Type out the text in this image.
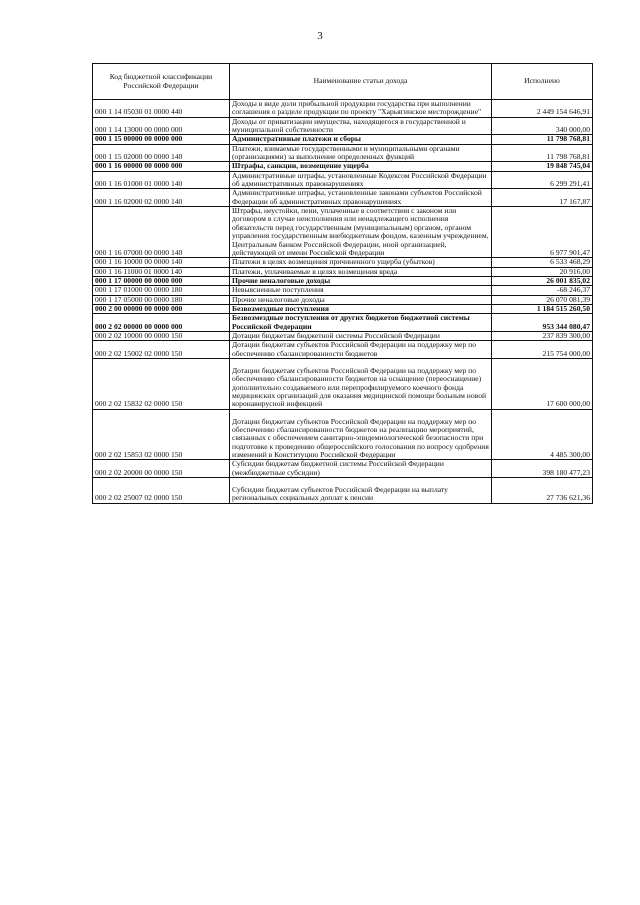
3
Код бюджетной классификации Российской Федерации	Наименование статьи дохода	Исполнено
000 1 14 05030 01 0000 440	Доходы в виде доли прибыльной продукции государства при выполнении соглашения о разделе продукции по проекту "Харьягинское месторождение"	2 449 154 646,91
000 1 14 13000 00 0000 000	Доходы от приватизации имущества, находящегося в государственной и муниципальной собственности	340 000,00
000 1 15 00000 00 0000 000	Административные платежи и сборы	11 798 768,81
000 1 15 02000 00 0000 140	Платежи, взимаемые государственными и муниципальными органами (организациями) за выполнение определенных функций	11 798 768,81
000 1 16 00000 00 0000 000	Штрафы, санкции, возмещение ущерба	19 848 745,04
000 1 16 01000 01 0000 140	Административные штрафы, установленные Кодексом Российской Федерации об административных правонарушениях	6 299 291,41
000 1 16 02000 02 0000 140	Административные штрафы, установленные законами субъектов Российской Федерации об административных правонарушениях	17 167,87
000 1 16 07000 00 0000 140	Штрафы, неустойки, пени, уплаченные в соответствии с законом или договором в случае неисполнения или ненадлежащего исполнения обязательств перед государственным (муниципальным) органом, органом управления государственным внебюджетным фондом, казенным учреждением, Центральным банком Российской Федерации, иной организацией, действующей от имени Российской Федерации	6 977 901,47
000 1 16 10000 00 0000 140	Платежи в целях возмещения причиненного ущерба (убытков)	6 533 468,29
000 1 16 11000 01 0000 140	Платежи, уплачиваемые в целях возмещения вреда	20 916,00
000 1 17 00000 00 0000 000	Прочие неналоговые доходы	26 001 835,02
000 1 17 01000 00 0000 180	Невыясненные поступления	-68 246,37
000 1 17 05000 00 0000 180	Прочие неналоговые доходы	26 070 081,39
000 2 00 00000 00 0000 000	Безвозмездные поступления	1 184 515 260,50
000 2 02 00000 00 0000 000	Безвозмездные поступления от других бюджетов бюджетной системы Российской Федерации	953 344 080,47
000 2 02 10000 00 0000 150	Дотации бюджетам бюджетной системы Российской Федерации	237 839 300,00
000 2 02 15002 02 0000 150	Дотации бюджетам субъектов Российской Федерации на поддержку мер по обеспечению сбалансированности бюджетов	215 754 000,00
000 2 02 15832 02 0000 150	Дотации бюджетам субъектов Российской Федерации на поддержку мер по обеспечению сбалансированности бюджетов на оснащение (переоснащение) дополнительно создаваемого или перепрофилируемого коечного фонда медицинских организаций для оказания медицинской помощи больным новой коронавирусной инфекцией	17 600 000,00
000 2 02 15853 02 0000 150	Дотации бюджетам субъектов Российской Федерации на поддержку мер по обеспечению сбалансированности бюджетов на реализацию мероприятий, связанных с обеспечением санитарно-эпидемиологической безопасности при подготовке к проведению общероссийского голосования по вопросу одобрения изменений в Конституцию Российской Федерации	4 485 300,00
000 2 02 20000 00 0000 150	Субсидии бюджетам бюджетной системы Российской Федерации (межбюджетные субсидии)	398 180 477,23
000 2 02 25007 02 0000 150	Субсидии бюджетам субъектов Российской Федерации на выплату региональных социальных доплат к пенсии	27 736 621,36
